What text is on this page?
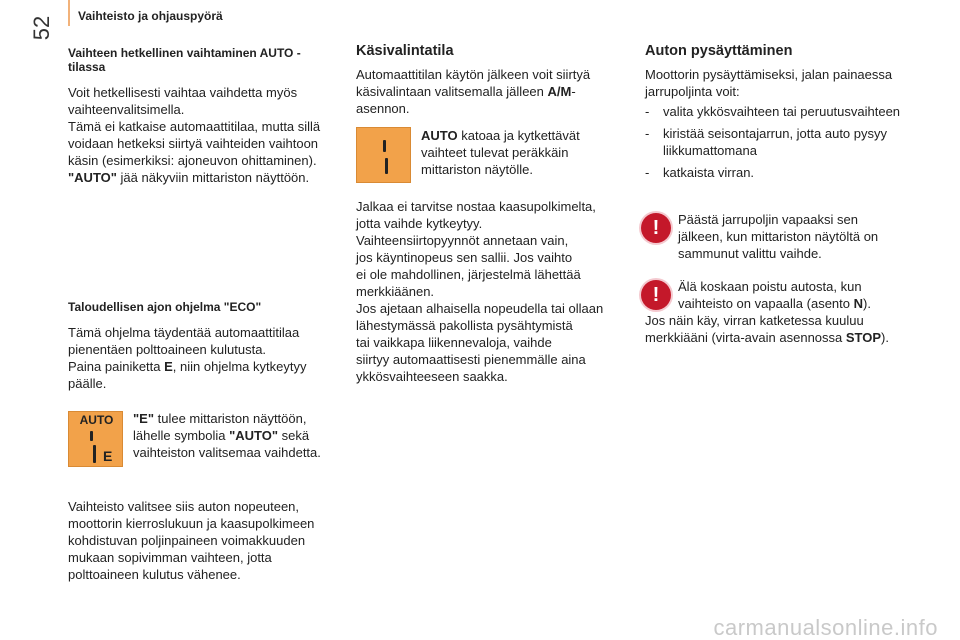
52 Vaihteisto ja ohjauspyörä
Vaihteen hetkellinen vaihtaminen AUTO -
tilassa
Voit hetkellisesti vaihtaa vaihdetta myös
vaihteenvalitsimella.
Tämä ei katkaise automaattitilaa, mutta sillä
voidaan hetkeksi siirtyä vaihteiden vaihtoon
käsin (esimerkiksi: ajoneuvon ohittaminen).
"AUTO" jää näkyviin mittariston näyttöön.
Taloudellisen ajon ohjelma "ECO"
Tämä ohjelma täydentää automaattitilaa
pienentäen polttoaineen kulutusta.
Paina painiketta E, niin ohjelma kytkeytyy
päälle.
AUTO
E
"E" tulee mittariston näyttöön,
lähelle symbolia "AUTO" sekä
vaihteiston valitsemaa vaihdetta.
Vaihteisto valitsee siis auton nopeuteen,
moottorin kierroslukuun ja kaasupolkimeen
kohdistuvan poljinpaineen voimakkuuden
mukaan sopivimman vaihteen, jotta
polttoaineen kulutus vähenee.
Käsivalintatila
Automaattitilan käytön jälkeen voit siirtyä
käsivalintaan valitsemalla jälleen A/M-
asennon.
AUTO katoaa ja kytkettävät
vaihteet tulevat peräkkäin
mittariston näytölle.
Jalkaa ei tarvitse nostaa kaasupolkimelta,
jotta vaihde kytkeytyy.
Vaihteensiirtopyynnöt annetaan vain,
jos käyntinopeus sen sallii. Jos vaihto
ei ole mahdollinen, järjestelmä lähettää
merkkiäänen.
Jos ajetaan alhaisella nopeudella tai ollaan
lähestymässä pakollista pysähtymistä
tai vaikkapa liikennevaloja, vaihde
siirtyy automaattisesti pienemmälle aina
ykkösvaihteeseen saakka.
Auton pysäyttäminen
Moottorin pysäyttämiseksi, jalan painaessa
jarrupoljinta voit:
- valita ykkösvaihteen tai peruutusvaihteen
- kiristää seisontajarrun, jotta auto pysyy
liikkumattomana
- katkaista virran.
!	Päästä jarrupoljin vapaaksi sen
jälkeen, kun mittariston näytöltä on
sammunut valittu vaihde.
!	Älä koskaan poistu autosta, kun
vaihteisto on vapaalla (asento N).
Jos näin käy, virran katketessa kuuluu
merkkiääni (virta-avain asennossa STOP).
carmanualsonline.info
